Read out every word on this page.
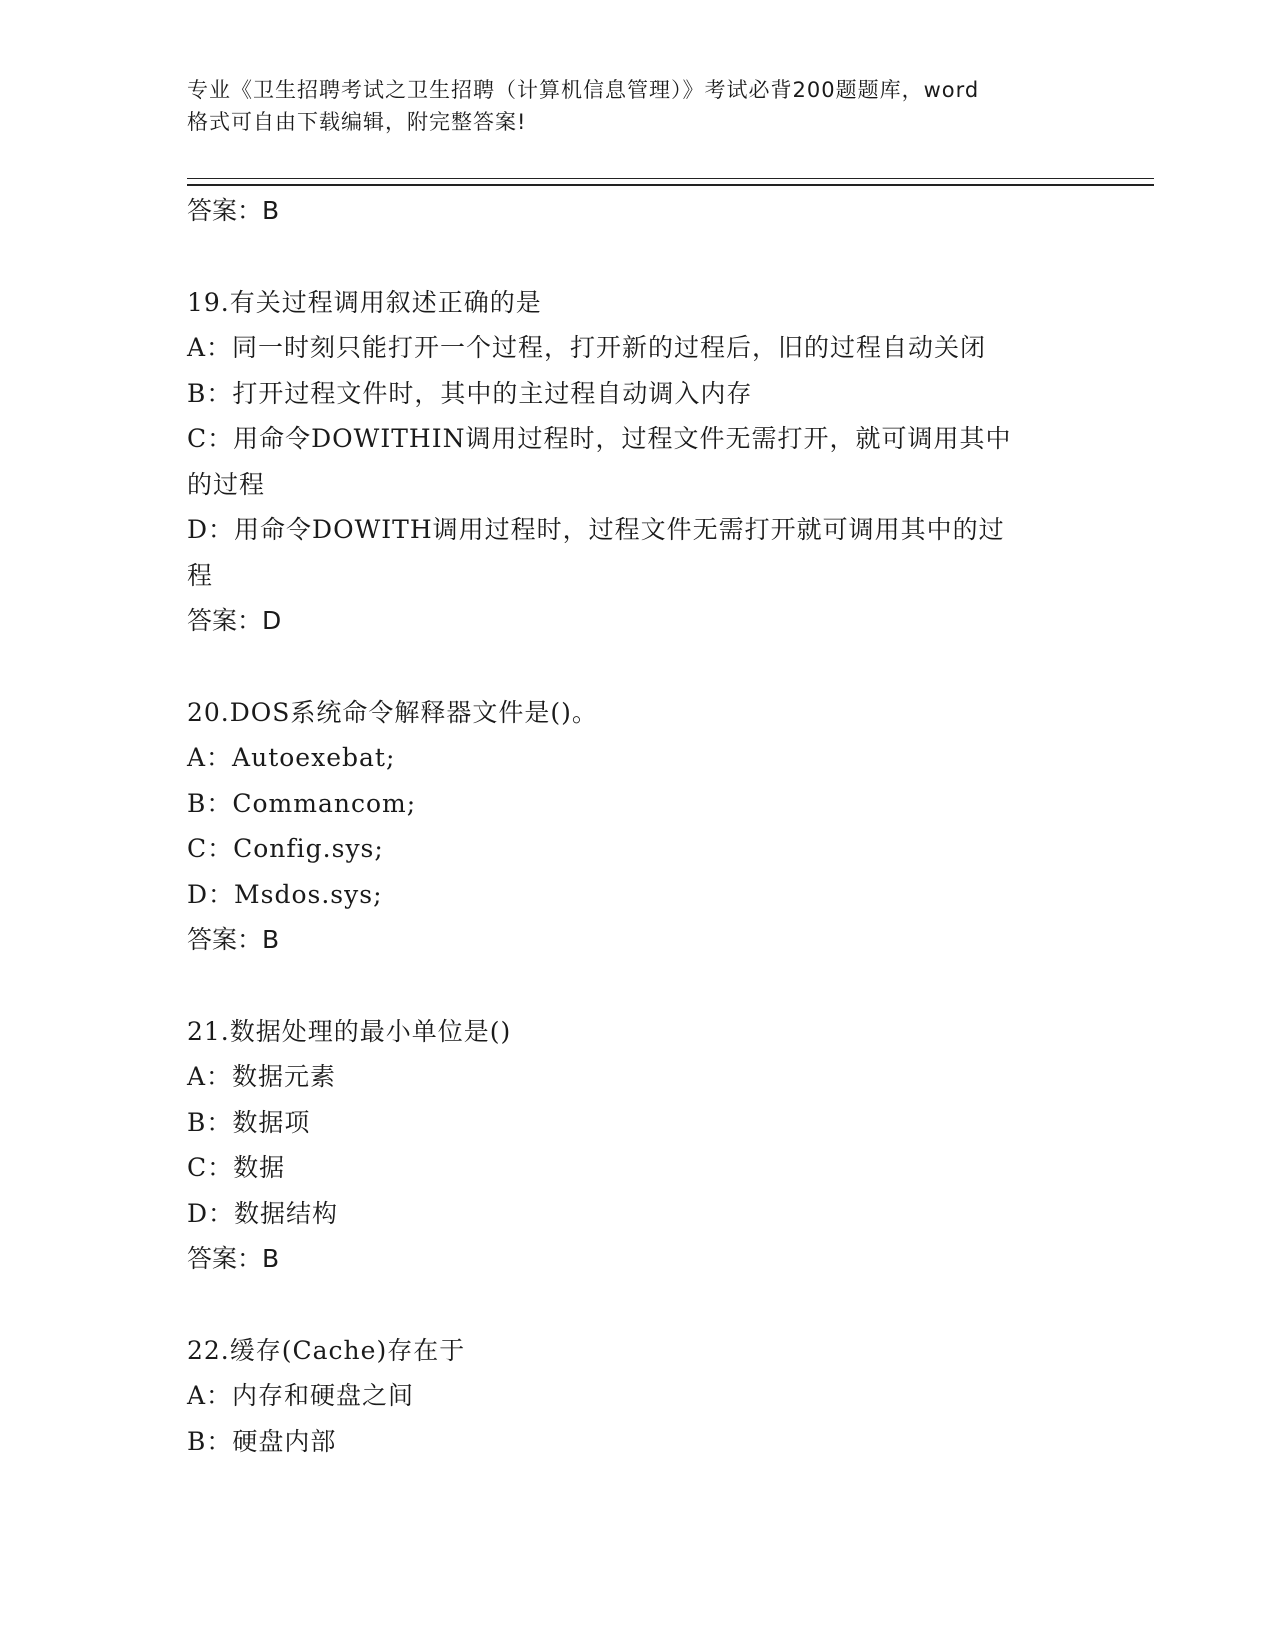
专业《卫生招聘考试之卫生招聘（计算机信息管理）》考试必背200题题库，word
格式可自由下载编辑，附完整答案!
答案：B
19.有关过程调用叙述正确的是
A：同一时刻只能打开一个过程，打开新的过程后，旧的过程自动关闭
B：打开过程文件时，其中的主过程自动调入内存
C：用命令DOWITHIN调用过程时，过程文件无需打开，就可调用其中
的过程
D：用命令DOWITH调用过程时，过程文件无需打开就可调用其中的过
程
答案：D
20.DOS系统命令解释器文件是()。
A：Autoexebat;
B：Commancom;
C：Config.sys;
D：Msdos.sys;
答案：B
21.数据处理的最小单位是()
A：数据元素
B：数据项
C：数据
D：数据结构
答案：B
22.缓存(Cache)存在于
A：内存和硬盘之间
B：硬盘内部
